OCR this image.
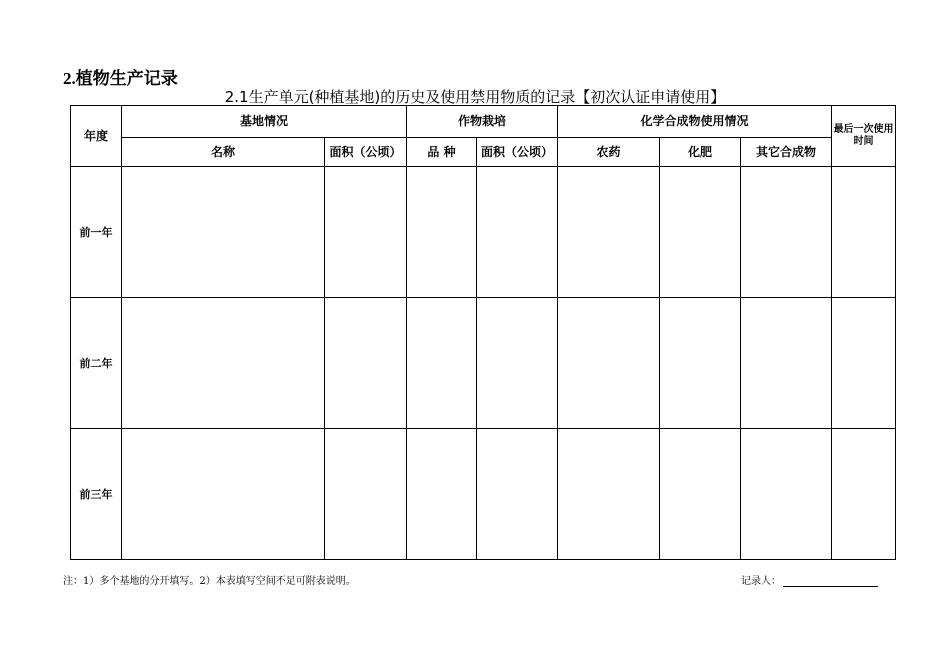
2.植物生产记录
2.1生产单元(种植基地)的历史及使用禁用物质的记录【初次认证申请使用】
年度	基地情况		作物栽培		化学合成物使用情况			最后一次使用时间
	名称	面积（公顷）	品 种	面积（公顷）	农药	化肥	其它合成物	
前一年								
前二年								
前三年								
注：1）多个基地的分开填写。2）本表填写空间不足可附表说明。	记录人：
